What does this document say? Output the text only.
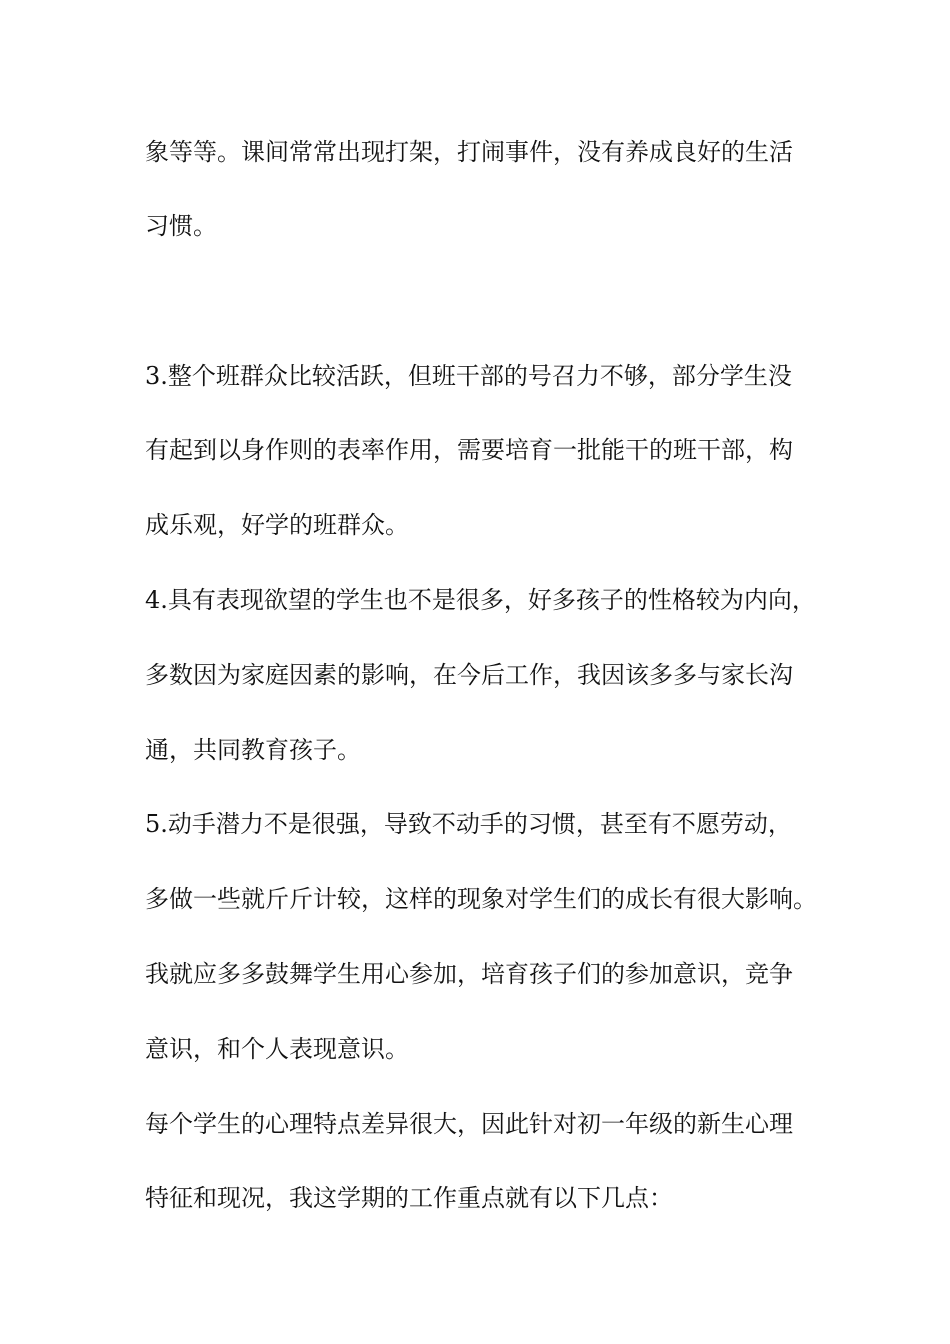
象等等。课间常常出现打架，打闹事件，没有养成良好的生活
习惯。
3.整个班群众比较活跃，但班干部的号召力不够，部分学生没
有起到以身作则的表率作用，需要培育一批能干的班干部，构
成乐观，好学的班群众。
4.具有表现欲望的学生也不是很多，好多孩子的性格较为内向，
多数因为家庭因素的影响，在今后工作，我因该多多与家长沟
通，共同教育孩子。
5.动手潜力不是很强，导致不动手的习惯，甚至有不愿劳动，
多做一些就斤斤计较，这样的现象对学生们的成长有很大影响。
我就应多多鼓舞学生用心参加，培育孩子们的参加意识，竞争
意识，和个人表现意识。
每个学生的心理特点差异很大，因此针对初一年级的新生心理
特征和现况，我这学期的工作重点就有以下几点：
